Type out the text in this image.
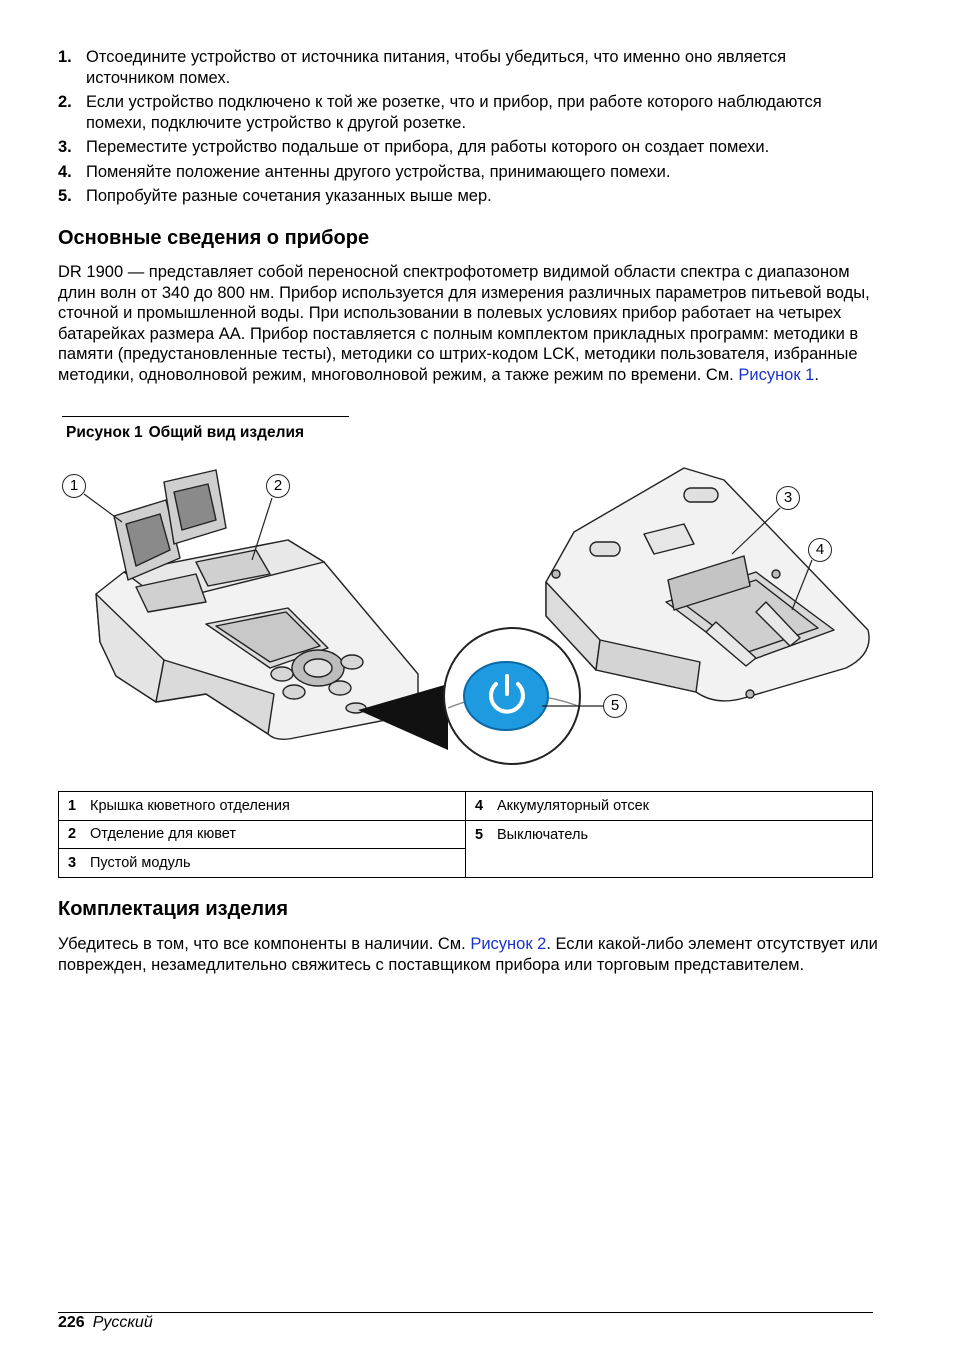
1. Отсоедините устройство от источника питания, чтобы убедиться, что именно оно является источником помех.
2. Если устройство подключено к той же розетке, что и прибор, при работе которого наблюдаются помехи, подключите устройство к другой розетке.
3. Переместите устройство подальше от прибора, для работы которого он создает помехи.
4. Поменяйте положение антенны другого устройства, принимающего помехи.
5. Попробуйте разные сочетания указанных выше мер.
Основные сведения о приборе

DR 1900 — представляет собой переносной спектрофотометр видимой области спектра с диапазоном длин волн от 340 до 800 нм. Прибор используется для измерения различных параметров питьевой воды, сточной и промышленной воды. При использовании в полевых условиях прибор работает на четырех батарейках размера AA. Прибор поставляется с полным комплектом прикладных программ: методики в памяти (предустановленные тесты), методики со штрих-кодом LCK, методики пользователя, избранные методики, одноволновой режим, многоволновой режим, а также режим по времени. См. Рисунок 1.

Рисунок 1 Общий вид изделия
1	2
3
4
5
1 Крышка кюветного отделения	4 Аккумуляторный отсек
2 Отделение для кювет	5 Выключатель
3 Пустой модуль	
Комплектация изделия

Убедитесь в том, что все компоненты в наличии. См. Рисунок 2. Если какой-либо элемент отсутствует или поврежден, незамедлительно свяжитесь с поставщиком прибора или торговым представителем.

226 Русский
